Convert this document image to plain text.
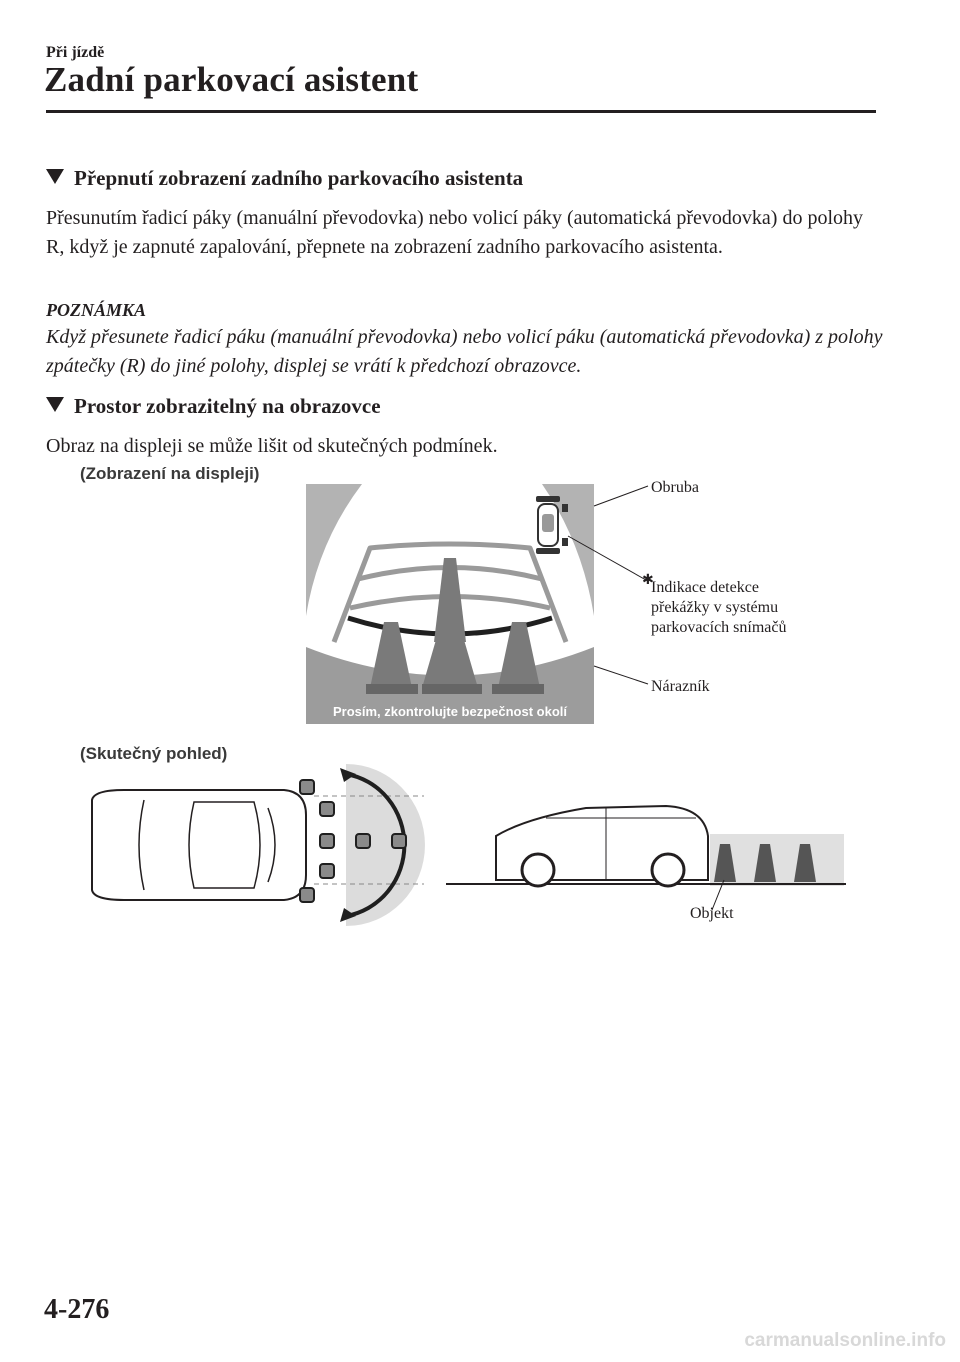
Při jízdě
Zadní parkovací asistent
Přepnutí zobrazení zadního parkovacího asistenta
Přesunutím řadicí páky (manuální převodovka) nebo volicí páky (automatická převodovka) do polohy R, když je zapnuté zapalování, přepnete na zobrazení zadního parkovacího asistenta.
POZNÁMKA
Když přesunete řadicí páku (manuální převodovka) nebo volicí páku (automatická převodovka) z polohy zpátečky (R) do jiné polohy, displej se vrátí k předchozí obrazovce.
Prostor zobrazitelný na obrazovce
Obraz na displeji se může lišit od skutečných podmínek.
(Zobrazení na displeji)
Prosím, zkontrolujte bezpečnost okolí
✱
Obruba
Indikace detekce
překážky v systému
parkovacích snímačů
Nárazník
(Skutečný pohled)
Objekt
4-276
carmanualsonline.info
